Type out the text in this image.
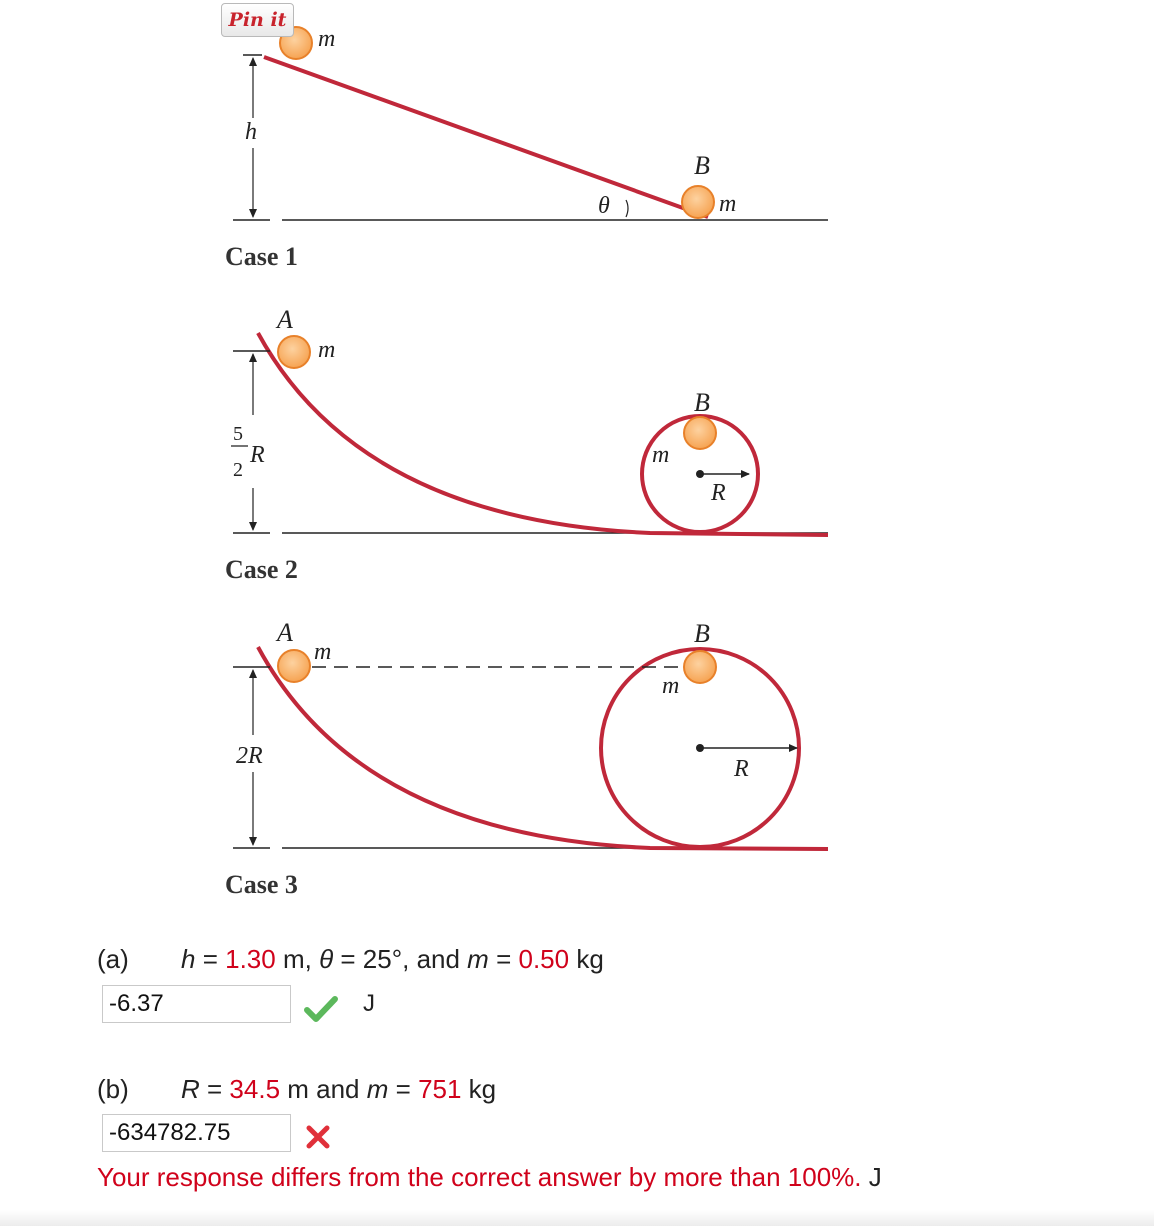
θ
h
m
B
m
Case 1
5
2
R
A
m
B
m
R
Case 2
2R
A
m
B
m
R
Case 3
Pin it
(a) h = 1.30 m, θ = 25°, and m = 0.50 kg
-6.37	J
(b) R = 34.5 m and m = 751 kg
-634782.75
Your response differs from the correct answer by more than 100%. J
